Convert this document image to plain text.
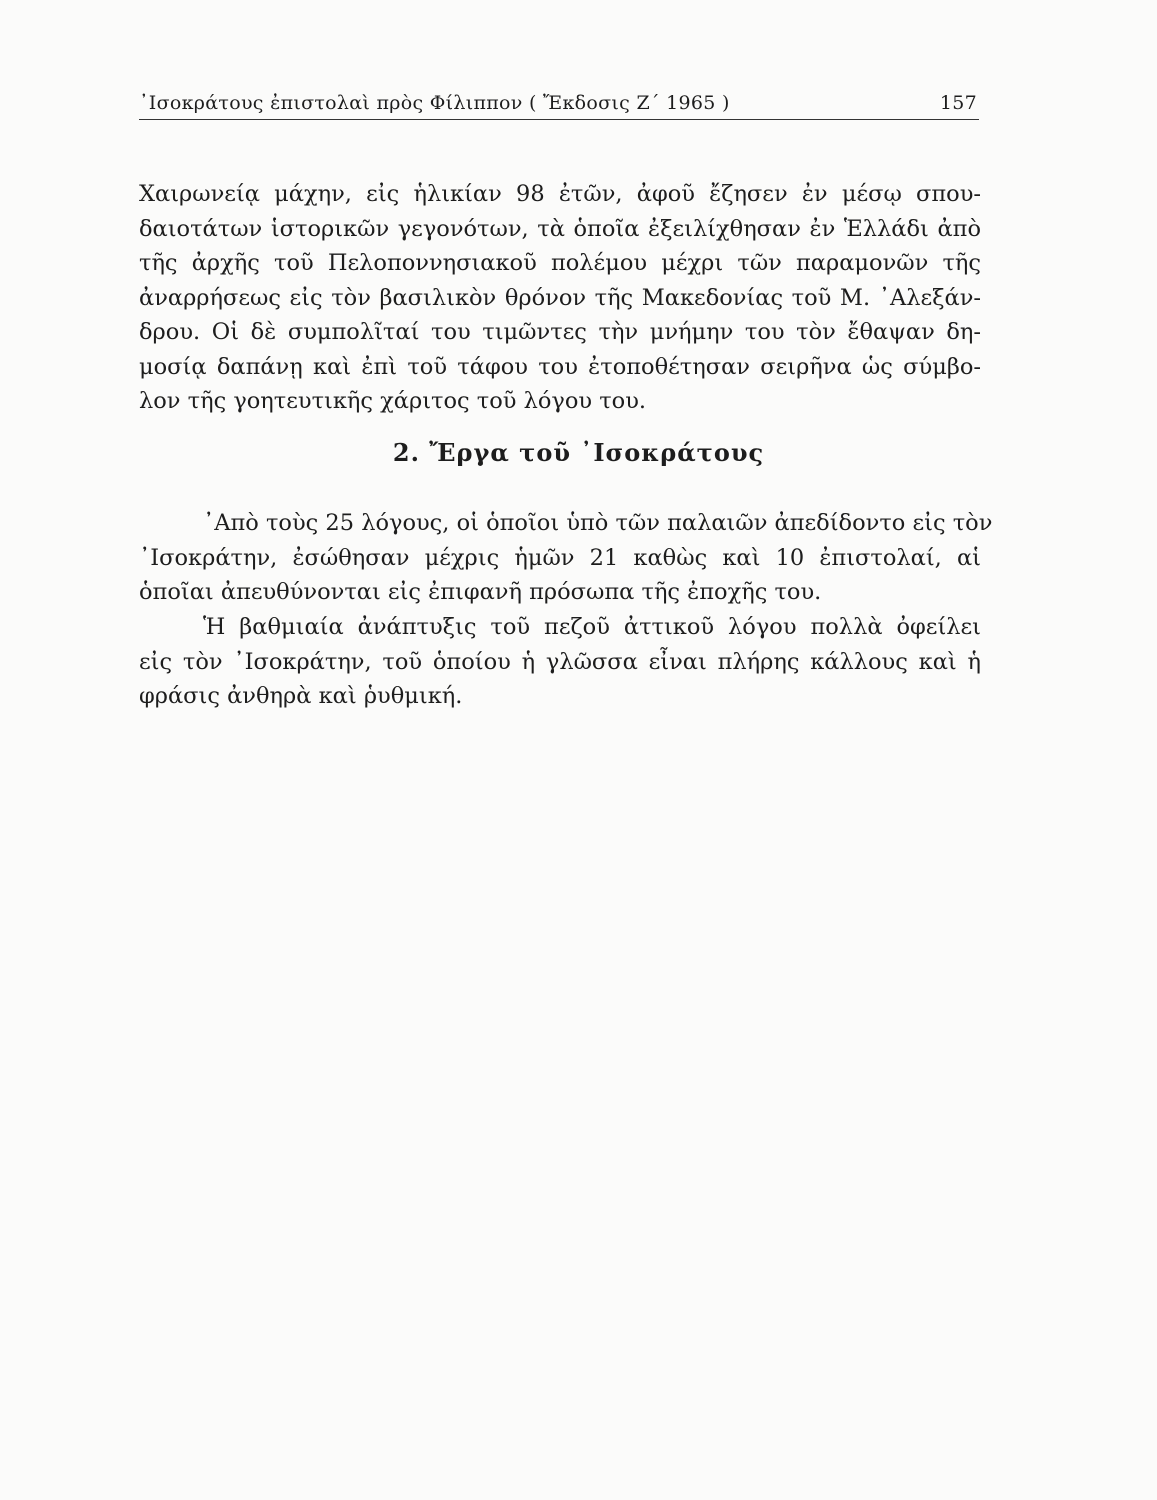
᾿Ισοκράτους ἐπιστολαὶ πρὸς Φίλιππον ( Ἔκδοσις Ζ΄ 1965 )	157
Χαιρωνείᾳ μάχην, εἰς ἡλικίαν 98 ἐτῶν, ἀφοῦ ἔζησεν ἐν μέσῳ σπου-
δαιοτάτων ἱστορικῶν γεγονότων, τὰ ὁποῖα ἐξειλίχθησαν ἐν Ἑλλάδι ἀπὸ
τῆς ἀρχῆς τοῦ Πελοποννησιακοῦ πολέμου μέχρι τῶν παραμονῶν τῆς
ἀναρρήσεως εἰς τὸν βασιλικὸν θρόνον τῆς Μακεδονίας τοῦ Μ. ᾿Αλεξάν-
δρου. Οἱ δὲ συμπολῖταί του τιμῶντες τὴν μνήμην του τὸν ἔθαψαν δη-
μοσίᾳ δαπάνῃ καὶ ἐπὶ τοῦ τάφου του ἐτοποθέτησαν σειρῆνα ὡς σύμβο-
λον τῆς γοητευτικῆς χάριτος τοῦ λόγου του.
2. Ἔργα τοῦ ᾿Ισοκράτους
᾿Απὸ τοὺς 25 λόγους, οἱ ὁποῖοι ὑπὸ τῶν παλαιῶν ἀπεδίδοντο εἰς τὸν
᾿Ισοκράτην, ἐσώθησαν μέχρις ἡμῶν 21 καθὼς καὶ 10 ἐπιστολαί, αἱ
ὁποῖαι ἀπευθύνονται εἰς ἐπιφανῆ πρόσωπα τῆς ἐποχῆς του.
Ἡ βαθμιαία ἀνάπτυξις τοῦ πεζοῦ ἀττικοῦ λόγου πολλὰ ὀφείλει
εἰς τὸν ᾿Ισοκράτην, τοῦ ὁποίου ἡ γλῶσσα εἶναι πλήρης κάλλους καὶ ἡ
φράσις ἀνθηρὰ καὶ ῥυθμική.
